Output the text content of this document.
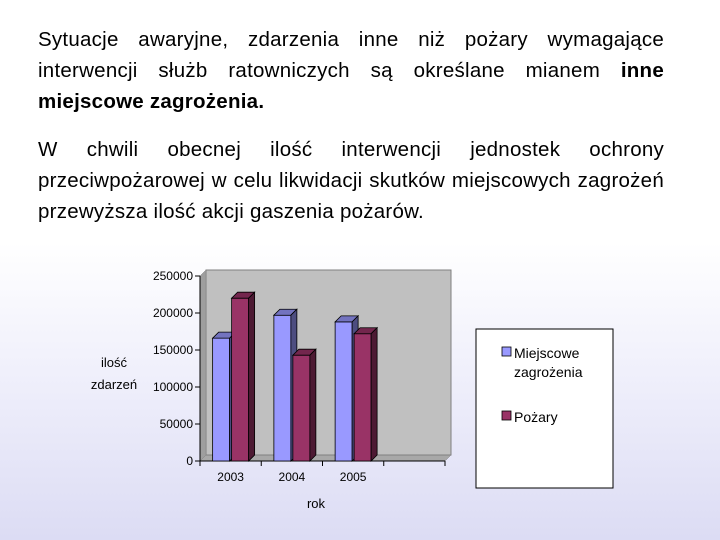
Sytuacje awaryjne, zdarzenia inne niż pożary wymagające interwencji służb ratowniczych są określane mianem inne miejscowe zagrożenia.

W chwili obecnej ilość interwencji jednostek ochrony przeciwpożarowej w celu likwidacji skutków miejscowych zagrożeń przewyższa ilość akcji gaszenia pożarów.

0
50000
100000
150000
200000
250000
2003	2004	2005
ilość
zdarzeń
rok
Miejscowe zagrożenia
Pożary
